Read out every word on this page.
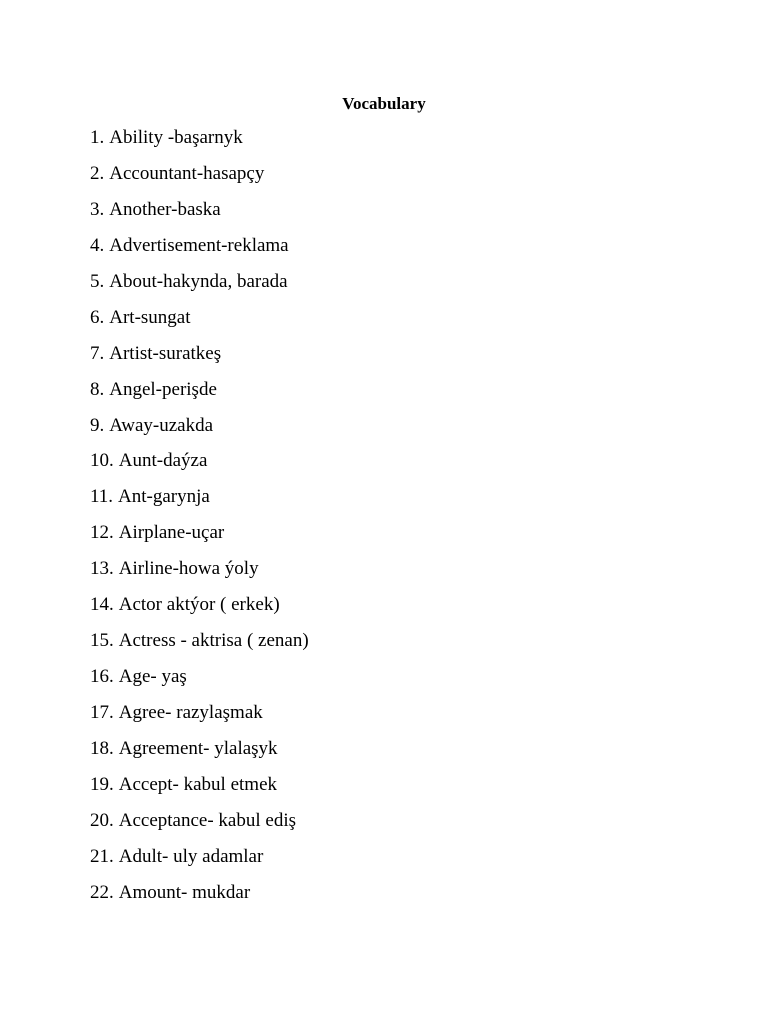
Vocabulary
1. Ability -başarnyk
2. Accountant-hasapçy
3. Another-baska
4. Advertisement-reklama
5. About-hakynda, barada
6. Art-sungat
7. Artist-suratkeş
8. Angel-perişde
9. Away-uzakda
10. Aunt-daýza
11. Ant-garynja
12. Airplane-uçar
13. Airline-howa ýoly
14. Actor aktýor ( erkek)
15. Actress - aktrisa ( zenan)
16. Age- yaş
17. Agree- razylaşmak
18. Agreement- ylalaşyk
19. Accept- kabul etmek
20. Acceptance- kabul ediş
21. Adult- uly adamlar
22. Amount- mukdar
